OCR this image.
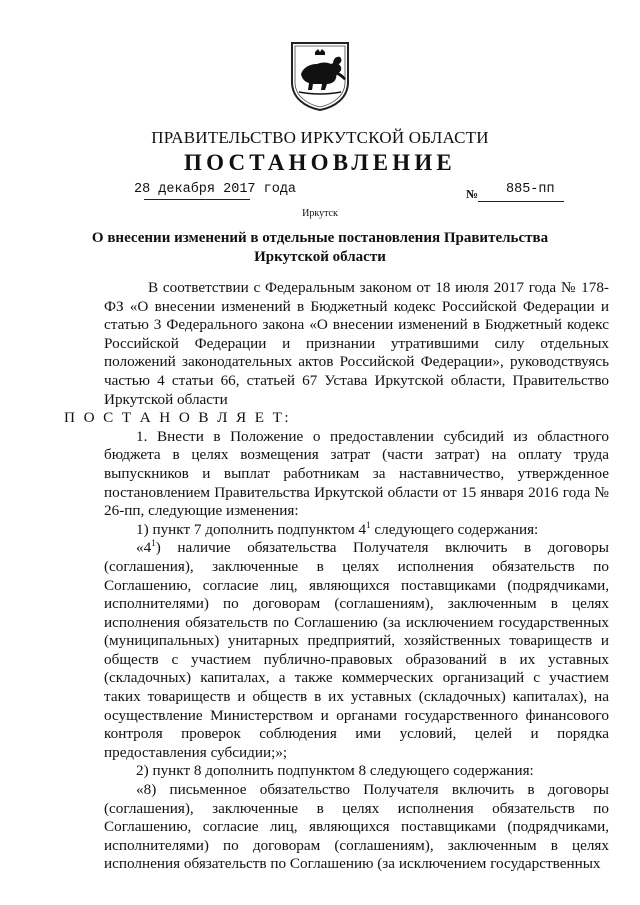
ПРАВИТЕЛЬСТВО ИРКУТСКОЙ ОБЛАСТИ
ПОСТАНОВЛЕНИЕ
28 декабря 2017 года	№ 885-пп
Иркутск
О внесении изменений в отдельные постановления Правительства
Иркутской области

В соответствии с Федеральным законом от 18 июля 2017 года № 178-ФЗ «О внесении изменений в Бюджетный кодекс Российской Федерации и статью 3 Федерального закона «О внесении изменений в Бюджетный кодекс Российской Федерации и признании утратившими силу отдельных положений законодательных актов Российской Федерации», руководствуясь частью 4 статьи 66, статьей 67 Устава Иркутской области, Правительство Иркутской области

П О С Т А Н О В Л Я Е Т:

1. Внести в Положение о предоставлении субсидий из областного бюджета в целях возмещения затрат (части затрат) на оплату труда выпускников и выплат работникам за наставничество, утвержденное постановлением Правительства Иркутской области от 15 января 2016 года № 26-пп, следующие изменения:

1) пункт 7 дополнить подпунктом $4^1$ следующего содержания:

«$4^1$) наличие обязательства Получателя включить в договоры (соглашения), заключенные в целях исполнения обязательств по Соглашению, согласие лиц, являющихся поставщиками (подрядчиками, исполнителями) по договорам (соглашениям), заключенным в целях исполнения обязательств по Соглашению (за исключением государственных (муниципальных) унитарных предприятий, хозяйственных товариществ и обществ с участием публично-правовых образований в их уставных (складочных) капиталах, а также коммерческих организаций с участием таких товариществ и обществ в их уставных (складочных) капиталах), на осуществление Министерством и органами государственного финансового контроля проверок соблюдения ими условий, целей и порядка предоставления субсидии;»;

2) пункт 8 дополнить подпунктом 8 следующего содержания:

«8) письменное обязательство Получателя включить в договоры (соглашения), заключенные в целях исполнения обязательств по Соглашению, согласие лиц, являющихся поставщиками (подрядчиками, исполнителями) по договорам (соглашениям), заключенным в целях исполнения обязательств по Соглашению (за исключением государственных
